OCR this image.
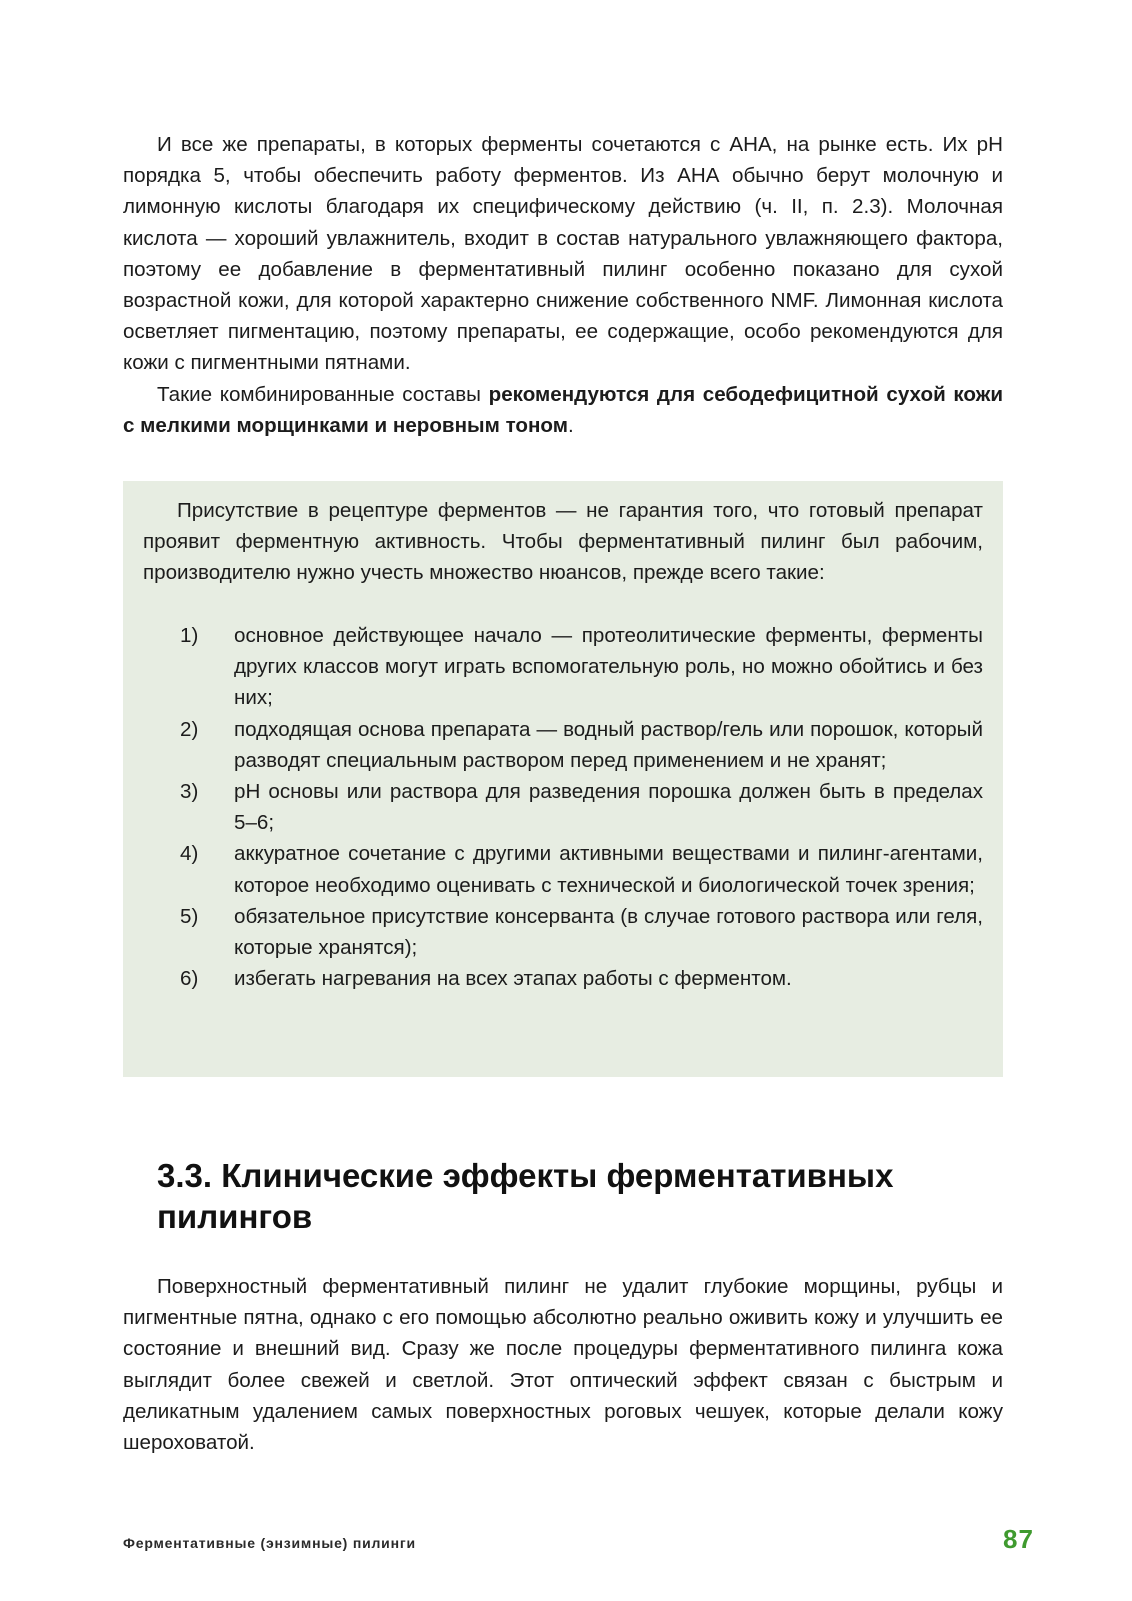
И все же препараты, в которых ферменты сочетаются с АНА, на рынке есть. Их pH порядка 5, чтобы обеспечить работу ферментов. Из АНА обычно берут молочную и лимонную кислоты благодаря их специфическому действию (ч. II, п. 2.3). Молочная кислота — хороший увлажнитель, входит в состав натурального увлажняющего фактора, поэтому ее добавление в ферментативный пилинг особенно показано для сухой возрастной кожи, для которой характерно снижение собственного NMF. Лимонная кислота осветляет пигментацию, поэтому препараты, ее содержащие, особо рекомендуются для кожи с пигментными пятнами.

Такие комбинированные составы рекомендуются для себодефицитной сухой кожи с мелкими морщинками и неровным тоном.

Присутствие в рецептуре ферментов — не гарантия того, что готовый препарат проявит ферментную активность. Чтобы ферментативный пилинг был рабочим, производителю нужно учесть множество нюансов, прежде всего такие:

1) основное действующее начало — протеолитические ферменты, ферменты других классов могут играть вспомогательную роль, но можно обойтись и без них;
2) подходящая основа препарата — водный раствор/гель или порошок, который разводят специальным раствором перед применением и не хранят;
3) pH основы или раствора для разведения порошка должен быть в пределах 5–6;
4) аккуратное сочетание с другими активными веществами и пилинг-агентами, которое необходимо оценивать с технической и биологической точек зрения;
5) обязательное присутствие консерванта (в случае готового раствора или геля, которые хранятся);
6) избегать нагревания на всех этапах работы с ферментом.
3.3. Клинические эффекты ферментативных пилингов

Поверхностный ферментативный пилинг не удалит глубокие морщины, рубцы и пигментные пятна, однако с его помощью абсолютно реально оживить кожу и улучшить ее состояние и внешний вид. Сразу же после процедуры ферментативного пилинга кожа выглядит более свежей и светлой. Этот оптический эффект связан с быстрым и деликатным удалением самых поверхностных роговых чешуек, которые делали кожу шероховатой.

Ферментативные (энзимные) пилинги	87
